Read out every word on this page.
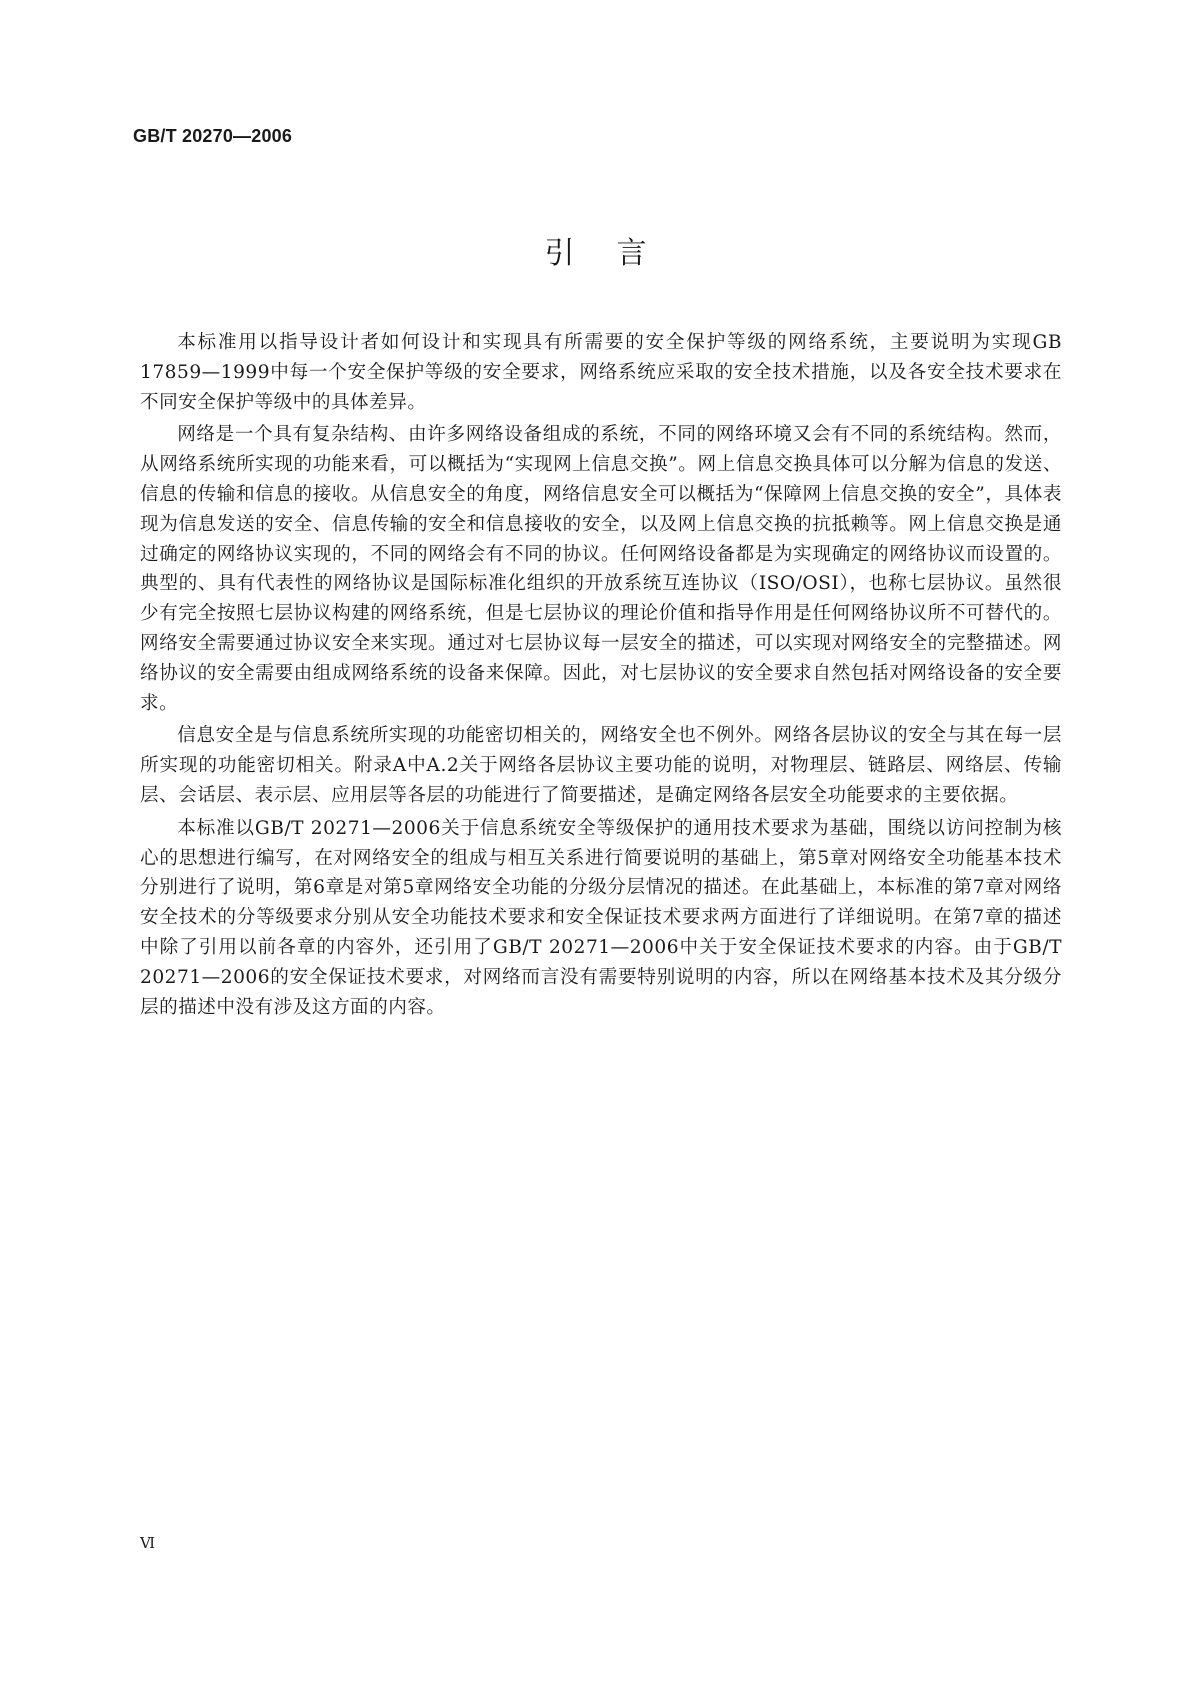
GB/T 20270—2006
引言

本标准用以指导设计者如何设计和实现具有所需要的安全保护等级的网络系统，主要说明为实现GB 17859—1999中每一个安全保护等级的安全要求，网络系统应采取的安全技术措施，以及各安全技术要求在不同安全保护等级中的具体差异。

网络是一个具有复杂结构、由许多网络设备组成的系统，不同的网络环境又会有不同的系统结构。然而，从网络系统所实现的功能来看，可以概括为“实现网上信息交换”。网上信息交换具体可以分解为信息的发送、信息的传输和信息的接收。从信息安全的角度，网络信息安全可以概括为“保障网上信息交换的安全”，具体表现为信息发送的安全、信息传输的安全和信息接收的安全，以及网上信息交换的抗抵赖等。网上信息交换是通过确定的网络协议实现的，不同的网络会有不同的协议。任何网络设备都是为实现确定的网络协议而设置的。典型的、具有代表性的网络协议是国际标准化组织的开放系统互连协议（ISO/OSI），也称七层协议。虽然很少有完全按照七层协议构建的网络系统，但是七层协议的理论价值和指导作用是任何网络协议所不可替代的。网络安全需要通过协议安全来实现。通过对七层协议每一层安全的描述，可以实现对网络安全的完整描述。网络协议的安全需要由组成网络系统的设备来保障。因此，对七层协议的安全要求自然包括对网络设备的安全要求。

信息安全是与信息系统所实现的功能密切相关的，网络安全也不例外。网络各层协议的安全与其在每一层所实现的功能密切相关。附录A中A.2关于网络各层协议主要功能的说明，对物理层、链路层、网络层、传输层、会话层、表示层、应用层等各层的功能进行了简要描述，是确定网络各层安全功能要求的主要依据。

本标准以GB/T 20271—2006关于信息系统安全等级保护的通用技术要求为基础，围绕以访问控制为核心的思想进行编写，在对网络安全的组成与相互关系进行简要说明的基础上，第5章对网络安全功能基本技术分别进行了说明，第6章是对第5章网络安全功能的分级分层情况的描述。在此基础上，本标准的第7章对网络安全技术的分等级要求分别从安全功能技术要求和安全保证技术要求两方面进行了详细说明。在第7章的描述中除了引用以前各章的内容外，还引用了GB/T 20271—2006中关于安全保证技术要求的内容。由于GB/T 20271—2006的安全保证技术要求，对网络而言没有需要特别说明的内容，所以在网络基本技术及其分级分层的描述中没有涉及这方面的内容。

Ⅵ
